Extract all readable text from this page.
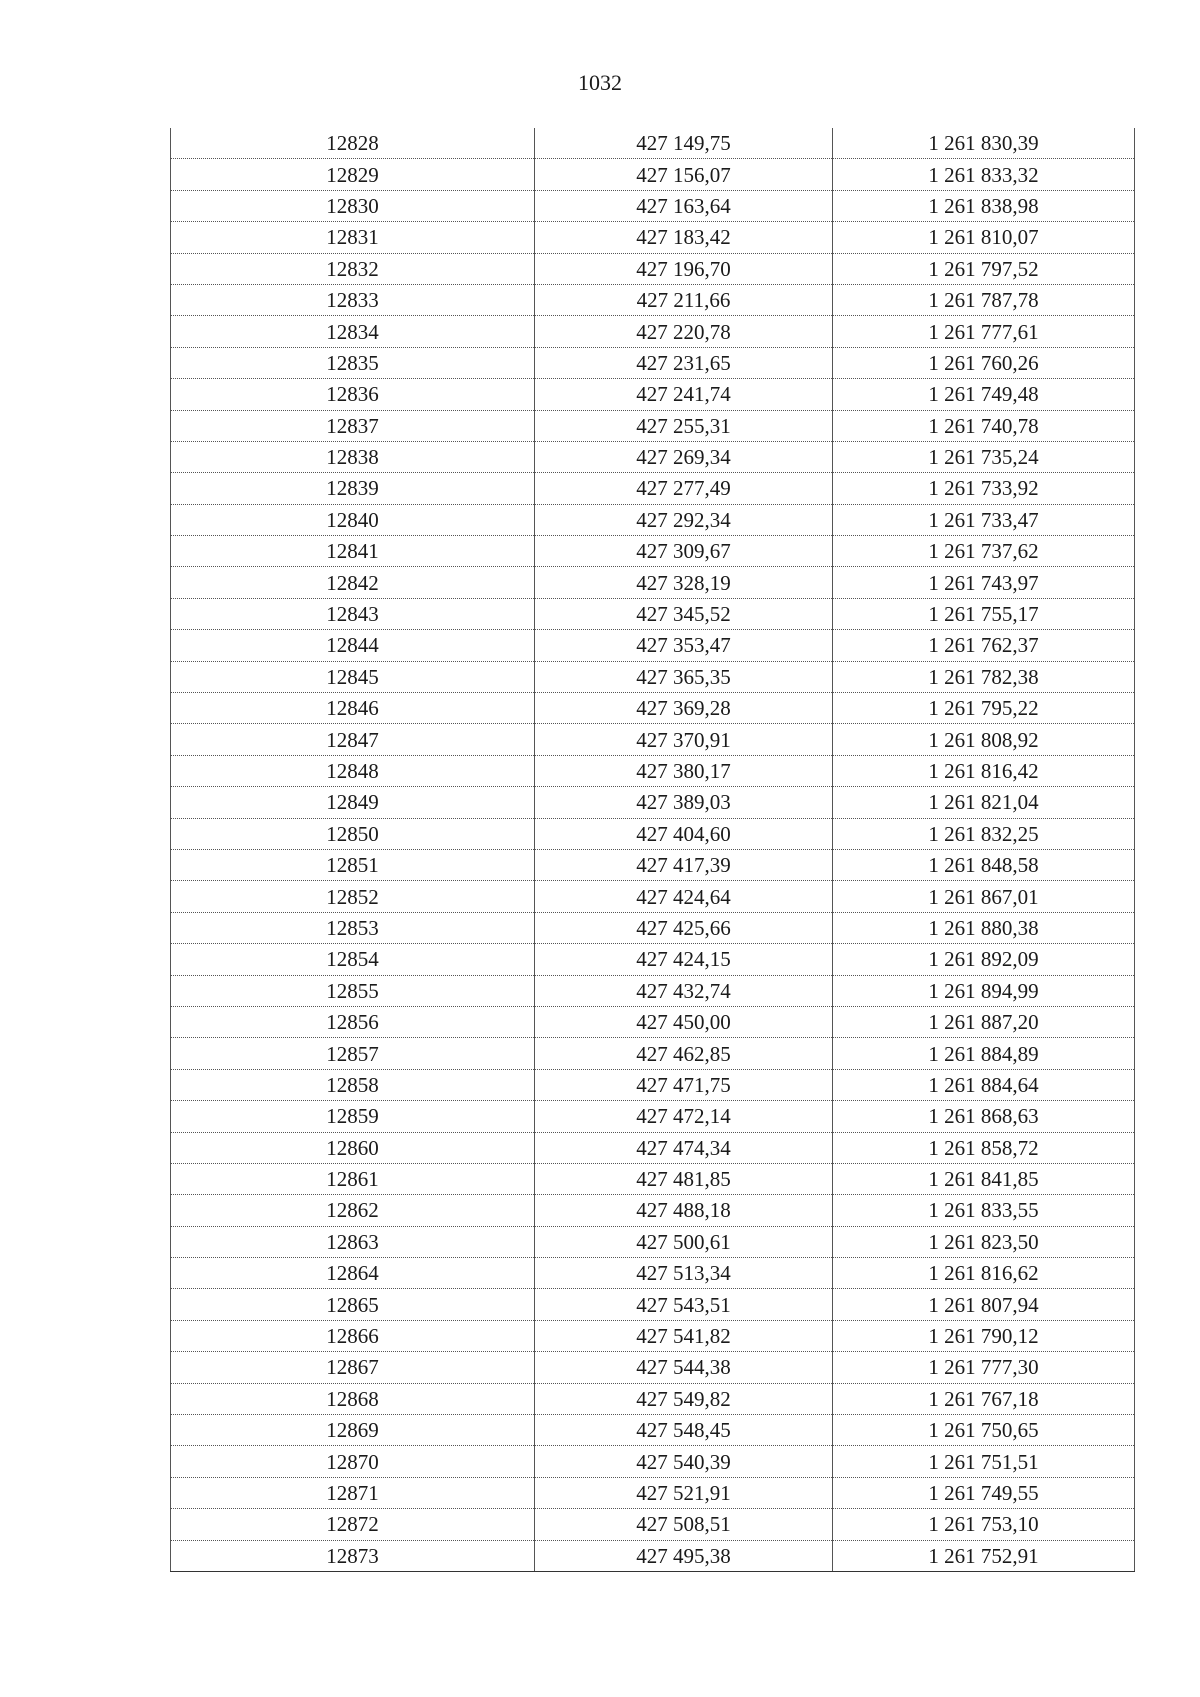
1032
12828	427 149,75	1 261 830,39
12829	427 156,07	1 261 833,32
12830	427 163,64	1 261 838,98
12831	427 183,42	1 261 810,07
12832	427 196,70	1 261 797,52
12833	427 211,66	1 261 787,78
12834	427 220,78	1 261 777,61
12835	427 231,65	1 261 760,26
12836	427 241,74	1 261 749,48
12837	427 255,31	1 261 740,78
12838	427 269,34	1 261 735,24
12839	427 277,49	1 261 733,92
12840	427 292,34	1 261 733,47
12841	427 309,67	1 261 737,62
12842	427 328,19	1 261 743,97
12843	427 345,52	1 261 755,17
12844	427 353,47	1 261 762,37
12845	427 365,35	1 261 782,38
12846	427 369,28	1 261 795,22
12847	427 370,91	1 261 808,92
12848	427 380,17	1 261 816,42
12849	427 389,03	1 261 821,04
12850	427 404,60	1 261 832,25
12851	427 417,39	1 261 848,58
12852	427 424,64	1 261 867,01
12853	427 425,66	1 261 880,38
12854	427 424,15	1 261 892,09
12855	427 432,74	1 261 894,99
12856	427 450,00	1 261 887,20
12857	427 462,85	1 261 884,89
12858	427 471,75	1 261 884,64
12859	427 472,14	1 261 868,63
12860	427 474,34	1 261 858,72
12861	427 481,85	1 261 841,85
12862	427 488,18	1 261 833,55
12863	427 500,61	1 261 823,50
12864	427 513,34	1 261 816,62
12865	427 543,51	1 261 807,94
12866	427 541,82	1 261 790,12
12867	427 544,38	1 261 777,30
12868	427 549,82	1 261 767,18
12869	427 548,45	1 261 750,65
12870	427 540,39	1 261 751,51
12871	427 521,91	1 261 749,55
12872	427 508,51	1 261 753,10
12873	427 495,38	1 261 752,91
